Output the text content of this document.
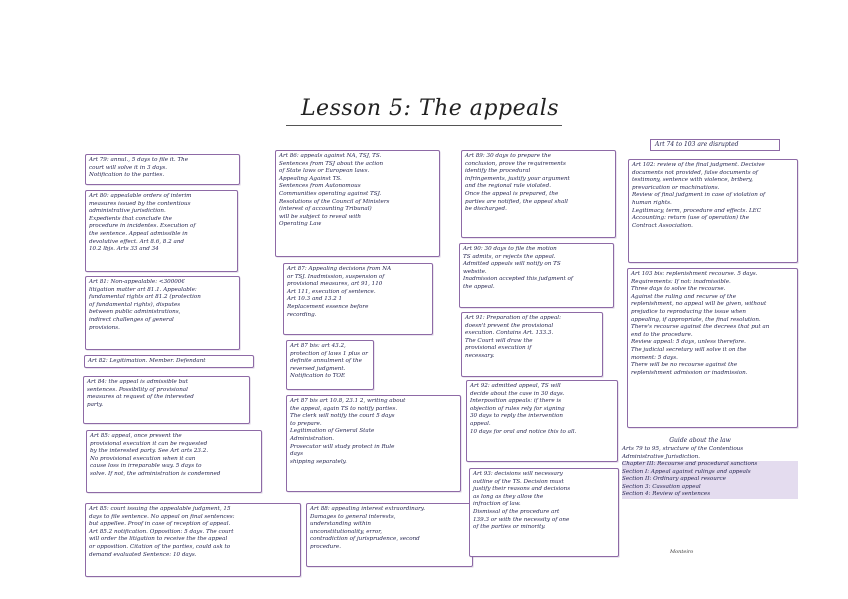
Lesson 5: The appeals
Art 74 to 103 are disrupted
Art 79: annul., 5 days to file it. The
court will solve it in 3 days.
Notification to the parties.
Art 80: appealable orders of interim
measures issued by the contentious
administrative jurisdiction.
Expedients that conclude the
procedure in incidentes. Execution of
the sentence. Appeal admissible in
devolutive effect. Art 8.6, 8.2 and
10.2 lbjs. Arts 33 and 34
Art 81: Non-appealable: <30000€
litigation matter art 81.1. Appealable:
fundamental rights art 81.2 (protection
of fundamental rights), disputes
between public administrations,
indirect challenges of general
provisions.
Art 82: Legitimation. Member. Defendant
Art 84: the appeal is admissible but
sentences. Possibility of provisional
measures at request of the interested
party.
Art 85: appeal, once present the
provisional execution it can be requested
by the interested party. See Art arts 23.2.
No provisional execution when it can
cause loss in irreparable way. 5 days to
solve. If not, the administration is condemned
Art 85: court issuing the appealable judgment, 15
days to file sentence. No appeal on final sentences:
but appellee. Proof in case of reception of appeal.
Art 85.2 notification. Opposition: 5 days. The court
will order the litigation to receive the the appeal
or opposition. Citation of the parties, could ask to
demand evaluated Sentence: 10 days.
Art 86: appeals against NA, TSJ, TS.
Sentences from TSJ about the action
of State laws or European laws.
Appealing Against TS.
Sentences from Autonomous
Communities operating against TSJ.
Resolutions of the Council of Ministers
(interest of accounting Tribunal)
will be subject to reveal with
Operating Law
Art 87: Appealing decisions from NA
or TSJ. Inadmission, suspension of
provisional measures, art 91, 110
Art 111, execution of sentence.
Art 10.3 and 13.2 1
Replacement essence before
recording.
Art 87 bis: art 43.2,
protection of laws 1 plus or
definite annulment of the
reversed judgment.
Notification to TOE
Art 87 bis art 10.8, 23.1 2, writing about
the appeal, again TS to notify parties.
The clerk will notify the court 5 days
to prepare.
Legitimation of General State
Administration.
Prosecutor will study protect in Rule
days
shipping separately.
Art 88: appealing interest extraordinary.
Damages to general interests,
understanding within
unconstitutionality, error,
contradiction of jurisprudence, second
procedure.
Art 89: 30 days to prepare the
conclusion, prove the requirements
identify the procedural
infringements, justify your argument
and the regional rule violated.
Once the appeal is prepared, the
parties are notified, the appeal shall
be discharged.
Art 90: 30 days to file the motion
TS admits, or rejects the appeal.
Admitted appeals will notify on TS
website.
Inadmission accepted this judgment of
the appeal.
Art 91: Preparation of the appeal:
doesn't prevent the provisional
execution. Contains Art. 133.3.
The Court will draw the
provisional execution if
necessary.
Art 92: admitted appeal, TS will
decide about the case in 30 days.
Interposition appeals: if there is
objection of rules rely for signing
30 days to reply the intervention
appeal.
10 days for oral and notice this to all.
Art 93: decisions will necessary
outline of the TS. Decision must
justify their reasons and decisions
as long as they allow the
infraction of law.
Dismissal of the procedure art
139.3 or with the necessity of one
of the parties or minority.
Art 102: review of the final judgment. Decisive
documents not provided, false documents of
testimony, sentence with violence, bribery,
prevarication or machinations.
Review of final judgment in case of violation of
human rights.
Legitimacy, term, procedure and effects. LEC
Accounting: return (use of operation) the
Contract Association.
Art 103 bis: replenishment recourse. 5 days.
Requirements: If not: inadmissible.
Three days to solve the recourse.
Against the ruling and recurse of the
replenishment, no appeal will be given, without
prejudice to reproducing the issue when
appealing, if appropriate, the final resolution.
There's recourse against the decrees that put an
end to the procedure.
Review appeal: 5 days, unless therefore.
The judicial secretary will solve it on the
moment: 5 days.
There will be no recourse against the
replenishment admission or inadmission.
Guide about the law
Arts 79 to 95, structure of the Contentious
Administrative Jurisdiction.
Chapter III: Recourse and procedural sanctions
Section I: Appeal against rulings and appeals
Section II: Ordinary appeal resource
Section 3: Cassation appeal
Section 4: Review of sentences
Monteiro
